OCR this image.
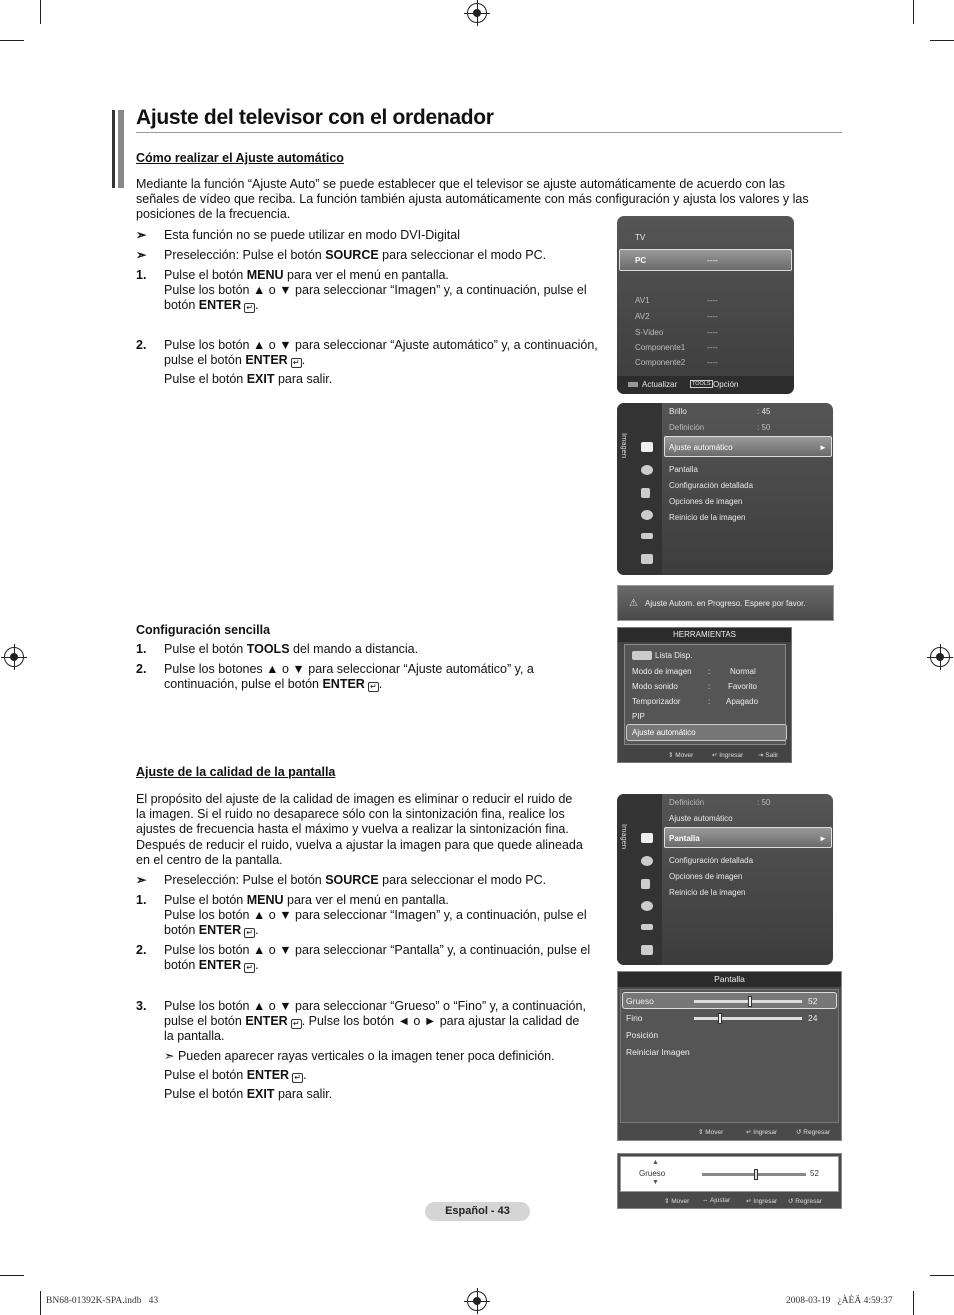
Ajuste del televisor con el ordenador
Cómo realizar el Ajuste automático
Mediante la función “Ajuste Auto” se puede establecer que el televisor se ajuste automáticamente de acuerdo con las
señales de vídeo que reciba. La función también ajusta automáticamente con más configuración y ajusta los valores y las
posiciones de la frecuencia.
➣	Esta función no se puede utilizar en modo DVI-Digital
➣	Preselección: Pulse el botón SOURCE para seleccionar el modo PC.
1.	Pulse el botón MENU para ver el menú en pantalla.
Pulse los botón ▲ o ▼ para seleccionar “Imagen” y, a continuación, pulse el
botón ENTER ↵ .
2.	Pulse los botón ▲ o ▼ para seleccionar “Ajuste automático” y, a continuación,
pulse el botón ENTER ↵ .

Pulse el botón EXIT para salir.
Configuración sencilla
1.	Pulse el botón TOOLS del mando a distancia.
2.	Pulse los botones ▲ o ▼ para seleccionar “Ajuste automático” y, a
continuación, pulse el botón ENTER ↵ .
Ajuste de la calidad de la pantalla
El propósito del ajuste de la calidad de imagen es eliminar o reducir el ruido de
la imagen. Si el ruido no desaparece sólo con la sintonización fina, realice los
ajustes de frecuencia hasta el máximo y vuelva a realizar la sintonización fina.
Después de reducir el ruido, vuelva a ajustar la imagen para que quede alineada
en el centro de la pantalla.
➣	Preselección: Pulse el botón SOURCE para seleccionar el modo PC.
1.	Pulse el botón MENU para ver el menú en pantalla.
Pulse los botón ▲ o ▼ para seleccionar “Imagen” y, a continuación, pulse el
botón ENTER ↵ .
2.	Pulse los botón ▲ o ▼ para seleccionar “Pantalla” y, a continuación, pulse el
botón ENTER ↵ .
3.	Pulse los botón ▲ o ▼ para seleccionar “Grueso” o “Fino” y, a continuación,
pulse el botón ENTER ↵ . Pulse los botón ◄ o ► para ajustar la calidad de
la pantalla.
➣ Pueden aparecer rayas verticales o la imagen tener poca definición.
Pulse el botón ENTER ↵ .
Pulse el botón EXIT para salir.
TV
PC	----
AV1	----
AV2	----
S-Video	----
Componente1	----
Componente2	----
Actualizar	TOOLS Opción
Imagen
Brillo	: 45
Definición	: 50
Ajuste automático	►
Pantalla
Configuración detallada
Opciones de imagen
Reinicio de la imagen
⚠ Ajuste Autom. en Progreso. Espere por favor.
HERRAMIENTAS
Lista Disp.
Modo de imagen : Normal
Modo sonido	: Favorito
Temporizador	: Apagado
PIP
Ajuste automático
⇕ Mover	↵ Ingresar ⇥ Salir
Imagen
Definición	: 50
Ajuste automático
Pantalla	►
Configuración detallada
Opciones de imagen
Reinicio de la imagen
Pantalla
Grueso	52
Fino	24
Posición
Reiniciar Imagen
⇕ Mover	↵ Ingresar	↺ Regresar
▲
Grueso
▼
52
⇕ Mover ⇔ Ajustar ↵ Ingresar ↺ Regresar
Español - 43
BN68-01392K-SPA.indb   43	2008-03-19   ¿ÀÈÄ 4:59:37
